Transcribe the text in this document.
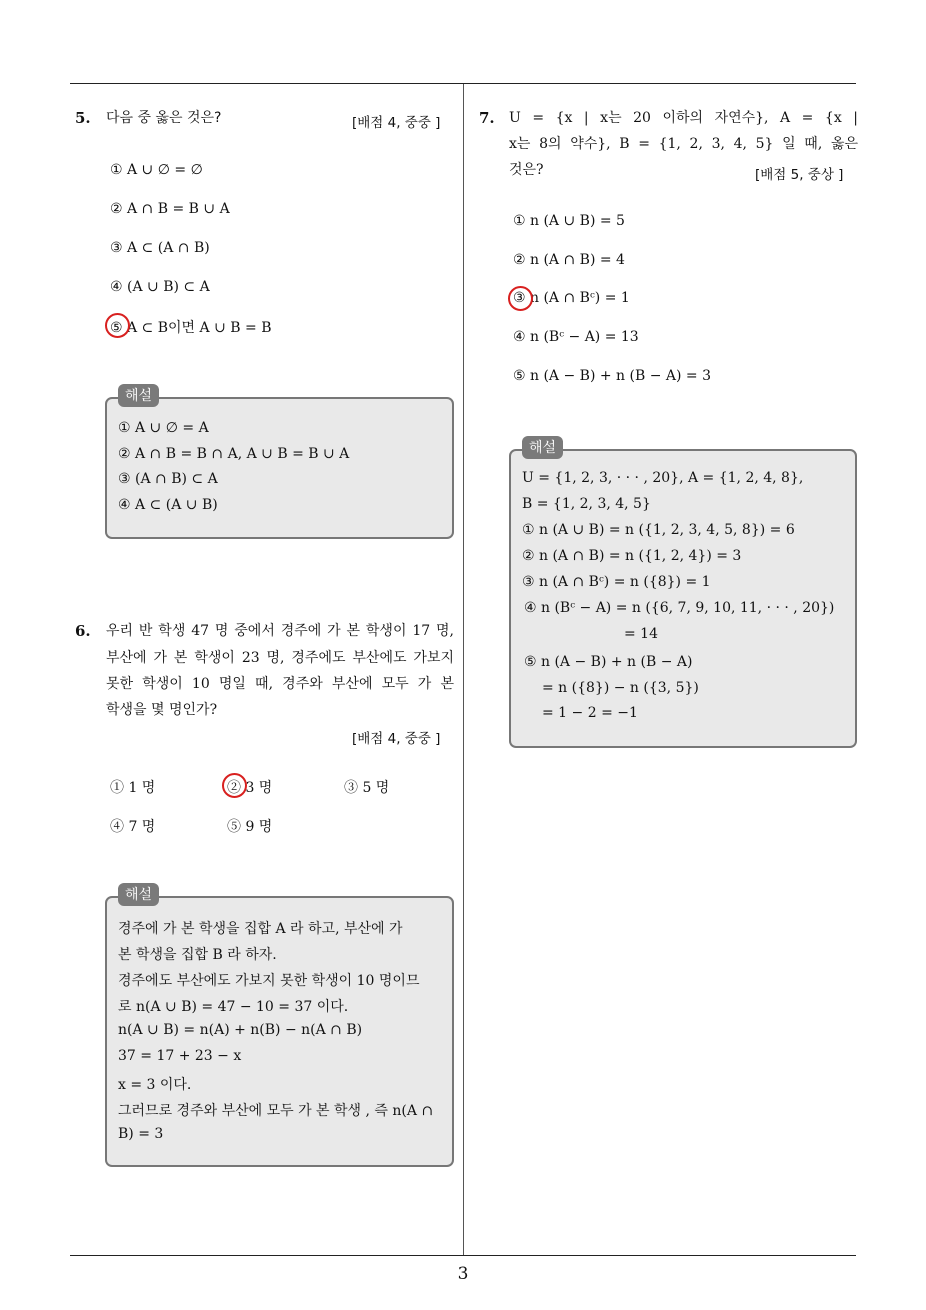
5. 다음 중 옳은 것은?	[배점 4, 중중 ]
① A ∪ ∅ = ∅
② A ∩ B = B ∪ A
③ A ⊂ (A ∩ B)
④ (A ∪ B) ⊂ A
⑤ A ⊂ B이면 A ∪ B = B
해설
① A ∪ ∅ = A
② A ∩ B = B ∩ A, A ∪ B = B ∪ A
③ (A ∩ B) ⊂ A
④ A ⊂ (A ∪ B)
6. 우리 반 학생 47 명 중에서 경주에 가 본 학생이 17 명,
부산에 가 본 학생이 23 명, 경주에도 부산에도 가보지
못한 학생이 10 명일 때, 경주와 부산에 모두 가 본
학생을 몇 명인가?
[배점 4, 중중 ]
① 1 명	② 3 명	③ 5 명
④ 7 명	⑤ 9 명
해설
경주에 가 본 학생을 집합 A 라 하고, 부산에 가
본 학생을 집합 B 라 하자.
경주에도 부산에도 가보지 못한 학생이 10 명이므
로 n(A ∪ B) = 47 − 10 = 37 이다.
n(A ∪ B) = n(A) + n(B) − n(A ∩ B)
37 = 17 + 23 − x
x = 3 이다.
그러므로 경주와 부산에 모두 가 본 학생 , 즉 n(A ∩
B) = 3
7. U = {x | x는 20 이하의 자연수}, A = {x |
x는 8의 약수}, B = {1, 2, 3, 4, 5} 일 때, 옳은
것은?	[배점 5, 중상 ]
① n (A ∪ B) = 5
② n (A ∩ B) = 4
③ n (A ∩ Bᶜ) = 1
④ n (Bᶜ − A) = 13
⑤ n (A − B) + n (B − A) = 3
해설
U = {1, 2, 3, · · · , 20}, A = {1, 2, 4, 8},
B = {1, 2, 3, 4, 5}
① n (A ∪ B) = n ({1, 2, 3, 4, 5, 8}) = 6
② n (A ∩ B) = n ({1, 2, 4}) = 3
③ n (A ∩ Bᶜ) = n ({8}) = 1
④ n (Bᶜ − A) = n ({6, 7, 9, 10, 11, · · · , 20})
= 14
⑤ n (A − B) + n (B − A)
= n ({8}) − n ({3, 5})
= 1 − 2 = −1
3
